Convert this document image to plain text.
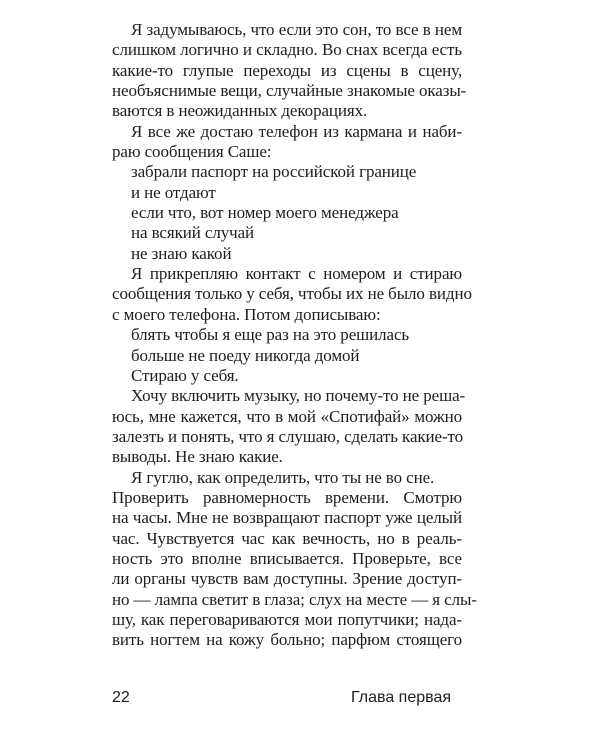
Я задумываюсь, что если это сон, то все в нем
слишком логично и складно. Во снах всегда есть
какие-то глупые переходы из сцены в сцену,
необъяснимые вещи, случайные знакомые оказы-
ваются в неожиданных декорациях.
Я все же достаю телефон из кармана и наби-
раю сообщения Саше:
забрали паспорт на российской границе
и не отдают
если что, вот номер моего менеджера
на всякий случай
не знаю какой
Я прикрепляю контакт с номером и стираю
сообщения только у себя, чтобы их не было видно
с моего телефона. Потом дописываю:
блять чтобы я еще раз на это решилась
больше не поеду никогда домой
Стираю у себя.
Хочу включить музыку, но почему-то не реша-
юсь, мне кажется, что в мой «Спотифай» можно
залезть и понять, что я слушаю, сделать какие-то
выводы. Не знаю какие.
Я гуглю, как определить, что ты не во сне.
Проверить равномерность времени. Смотрю
на часы. Мне не возвращают паспорт уже целый
час. Чувствуется час как вечность, но в реаль-
ность это вполне вписывается. Проверьте, все
ли органы чувств вам доступны. Зрение доступ-
но — лампа светит в глаза; слух на месте — я слы-
шу, как переговариваются мои попутчики; нада-
вить ногтем на кожу больно; парфюм стоящего
22	Глава первая
